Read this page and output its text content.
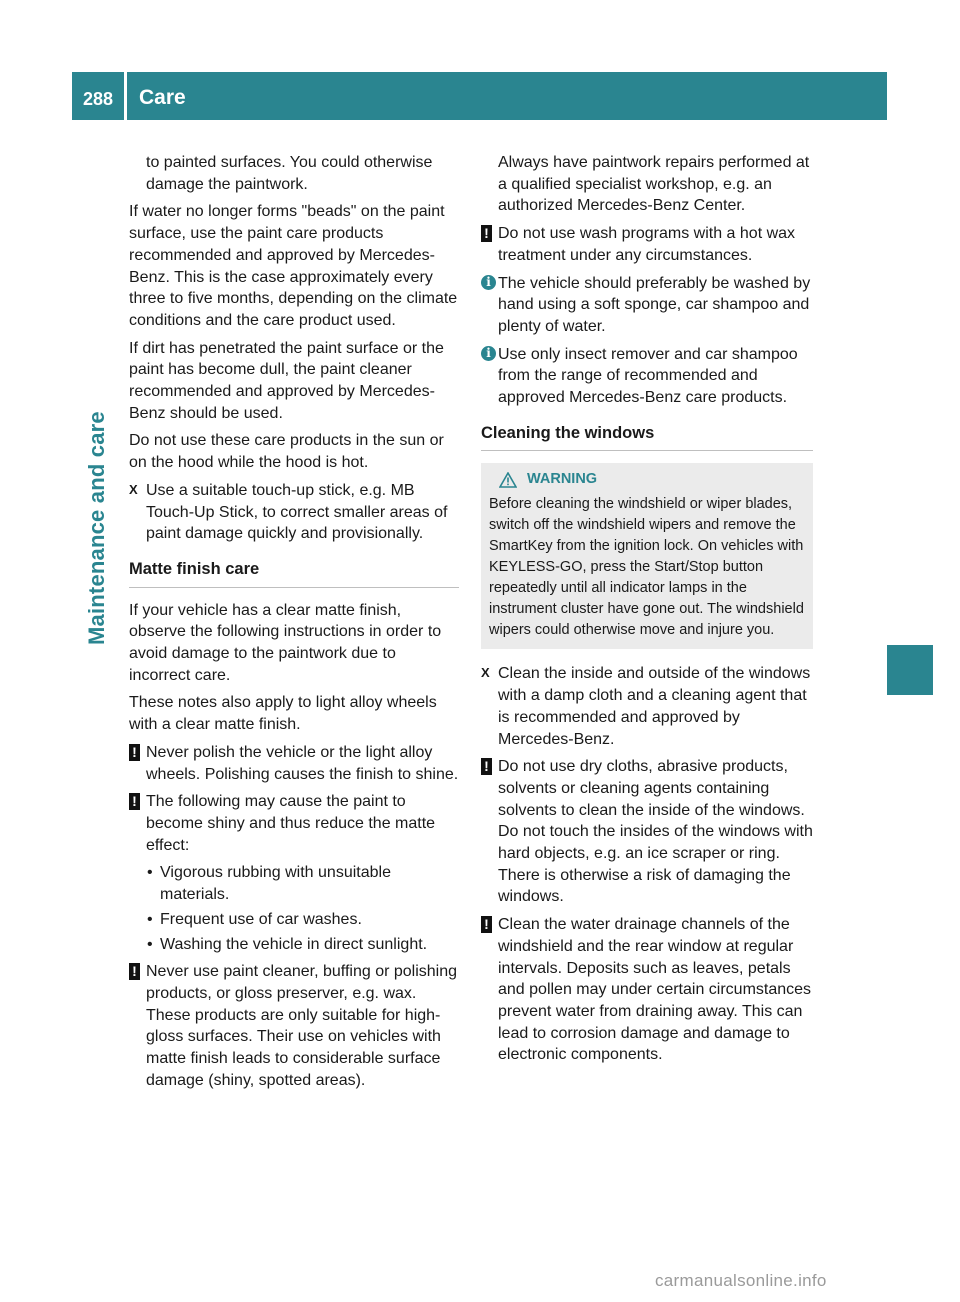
288	Care
Maintenance and care

to painted surfaces. You could otherwise damage the paintwork.

If water no longer forms "beads" on the paint surface, use the paint care products recommended and approved by Mercedes-Benz. This is the case approximately every three to five months, depending on the climate conditions and the care product used.

If dirt has penetrated the paint surface or the paint has become dull, the paint cleaner recommended and approved by Mercedes-Benz should be used.

Do not use these care products in the sun or on the hood while the hood is hot.

X Use a suitable touch-up stick, e.g. MB Touch-Up Stick, to correct smaller areas of paint damage quickly and provisionally.
Matte finish care

If your vehicle has a clear matte finish, observe the following instructions in order to avoid damage to the paintwork due to incorrect care.

These notes also apply to light alloy wheels with a clear matte finish.

! Never polish the vehicle or the light alloy wheels. Polishing causes the finish to shine.
! The following may cause the paint to become shiny and thus reduce the matte effect:
• Vigorous rubbing with unsuitable materials.
• Frequent use of car washes.
• Washing the vehicle in direct sunlight.
! Never use paint cleaner, buffing or polishing products, or gloss preserver, e.g. wax. These products are only suitable for high-gloss surfaces. Their use on vehicles with matte finish leads to considerable surface damage (shiny, spotted areas).

Always have paintwork repairs performed at a qualified specialist workshop, e.g. an authorized Mercedes-Benz Center.

! Do not use wash programs with a hot wax treatment under any circumstances.
i The vehicle should preferably be washed by hand using a soft sponge, car shampoo and plenty of water.
i Use only insect remover and car shampoo from the range of recommended and approved Mercedes-Benz care products.
Cleaning the windows
WARNING
Before cleaning the windshield or wiper blades, switch off the windshield wipers and remove the SmartKey from the ignition lock. On vehicles with KEYLESS-GO, press the Start/Stop button repeatedly until all indicator lamps in the instrument cluster have gone out. The windshield wipers could otherwise move and injure you.
X Clean the inside and outside of the windows with a damp cloth and a cleaning agent that is recommended and approved by Mercedes-Benz.
! Do not use dry cloths, abrasive products, solvents or cleaning agents containing solvents to clean the inside of the windows. Do not touch the insides of the windows with hard objects, e.g. an ice scraper or ring. There is otherwise a risk of damaging the windows.
! Clean the water drainage channels of the windshield and the rear window at regular intervals. Deposits such as leaves, petals and pollen may under certain circumstances prevent water from draining away. This can lead to corrosion damage and damage to electronic components.
carmanualsonline.info
